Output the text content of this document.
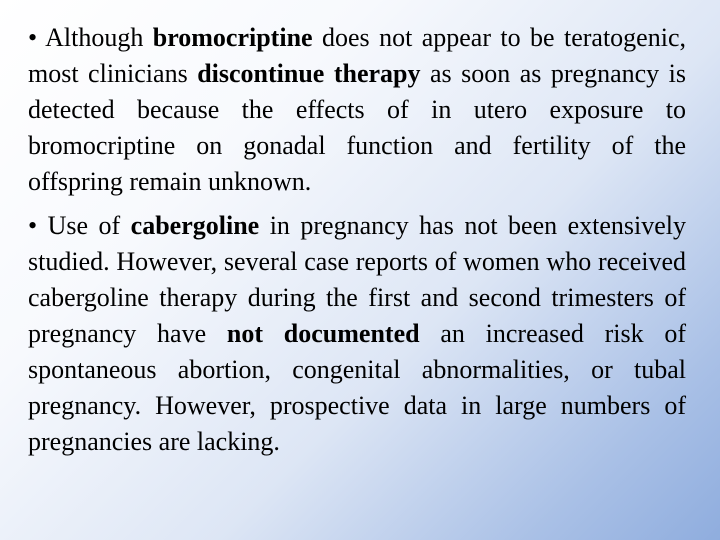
• Although bromocriptine does not appear to be teratogenic, most clinicians discontinue therapy as soon as pregnancy is detected because the effects of in utero exposure to bromocriptine on gonadal function and fertility of the offspring remain unknown.

• Use of cabergoline in pregnancy has not been extensively studied. However, several case reports of women who received cabergoline therapy during the first and second trimesters of pregnancy have not documented an increased risk of spontaneous abortion, congenital abnormalities, or tubal pregnancy. However, prospective data in large numbers of pregnancies are lacking.
